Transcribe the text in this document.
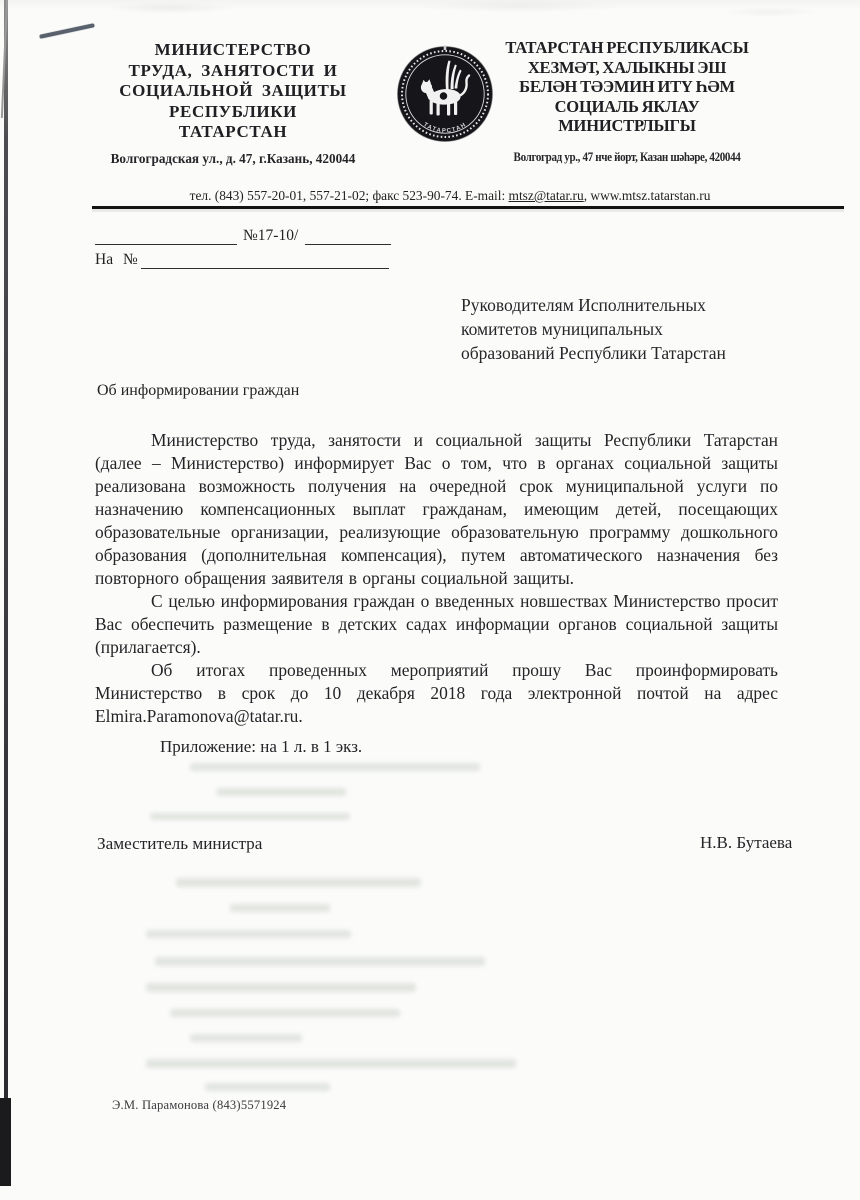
МИНИСТЕРСТВО
ТРУДА, ЗАНЯТОСТИ И
СОЦИАЛЬНОЙ ЗАЩИТЫ
РЕСПУБЛИКИ
ТАТАРСТАН
Волгоградская ул., д. 47, г.Казань, 420044
ТАТАРСТАН
ТАТАРСТАН РЕСПУБЛИКАСЫ
ХЕЗМӘТ, ХАЛЫКНЫ ЭШ
БЕЛӘН ТӘЭМИН ИТҮ ҺӘМ
СОЦИАЛЬ ЯКЛАУ
МИНИСТРЛЫГЫ
Волгоград ур., 47 нче йорт, Казан шәһәре, 420044
тел. (843) 557-20-01, 557-21-02; факс 523-90-74. E-mail: mtsz@tatar.ru, www.mtsz.tatarstan.ru
№17-10/
На №
Руководителям Исполнительных
комитетов муниципальных
образований Республики Татарстан
Об информировании граждан

Министерство труда, занятости и социальной защиты Республики Татарстан (далее – Министерство) информирует Вас о том, что в органах социальной защиты реализована возможность получения на очередной срок муниципальной услуги по назначению компенсационных выплат гражданам, имеющим детей, посещающих образовательные организации, реализующие образовательную программу дошкольного образования (дополнительная компенсация), путем автоматического назначения без повторного обращения заявителя в органы социальной защиты.

С целью информирования граждан о введенных новшествах Министерство просит Вас обеспечить размещение в детских садах информации органов социальной защиты (прилагается).

Об итогах проведенных мероприятий прошу Вас проинформировать Министерство в срок до 10 декабря 2018 года электронной почтой на адрес Elmira.Paramonova@tatar.ru.

Приложение: на 1 л. в 1 экз.
Заместитель министра	Н.В. Бутаева
Э.М. Парамонова (843)5571924
